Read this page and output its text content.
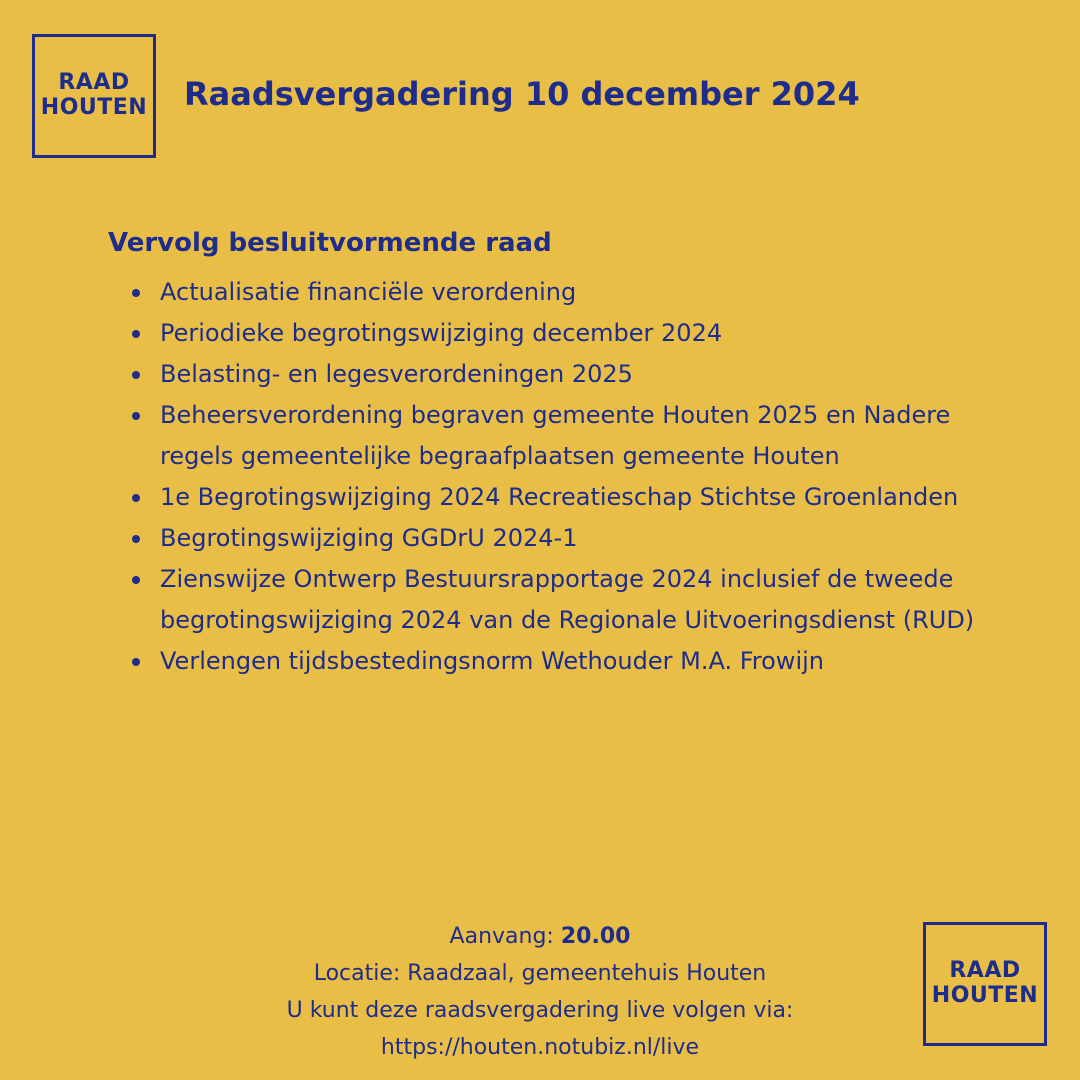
RAAD
HOUTEN Raadsvergadering 10 december 2024
Vervolg besluitvormende raad
Actualisatie financiële verordening
Periodieke begrotingswijziging december 2024
Belasting- en legesverordeningen 2025
Beheersverordening begraven gemeente Houten 2025 en Nadere regels gemeentelijke begraafplaatsen gemeente Houten
1e Begrotingswijziging 2024 Recreatieschap Stichtse Groenlanden
Begrotingswijziging GGDrU 2024-1
Zienswijze Ontwerp Bestuursrapportage 2024 inclusief de tweede begrotingswijziging 2024 van de Regionale Uitvoeringsdienst (RUD)
Verlengen tijdsbestedingsnorm Wethouder M.A. Frowijn
Aanvang: 20.00
Locatie: Raadzaal, gemeentehuis Houten
U kunt deze raadsvergadering live volgen via:
https://houten.notubiz.nl/live
RAAD
HOUTEN
